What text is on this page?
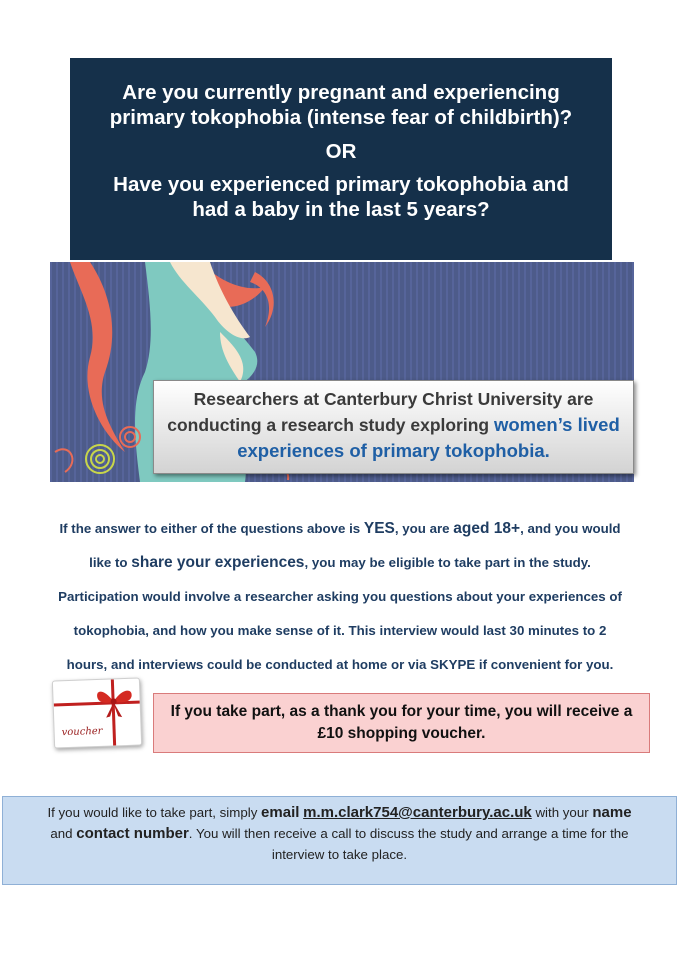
Are you currently pregnant and experiencing
primary tokophobia (intense fear of childbirth)?
OR
Have you experienced primary tokophobia and
had a baby in the last 5 years?
Researchers at Canterbury Christ University are
conducting a research study exploring women’s lived
experiences of primary tokophobia.

If the answer to either of the questions above is YES, you are aged 18+, and you would

like to share your experiences, you may be eligible to take part in the study.

Participation would involve a researcher asking you questions about your experiences of

tokophobia, and how you make sense of it. This interview would last 30 minutes to 2

hours, and interviews could be conducted at home or via SKYPE if convenient for you.

voucher
If you take part, as a thank you for your time, you will receive a
£10 shopping voucher.
If you would like to take part, simply email m.m.clark754@canterbury.ac.uk with your name
and contact number. You will then receive a call to discuss the study and arrange a time for the
interview to take place.
